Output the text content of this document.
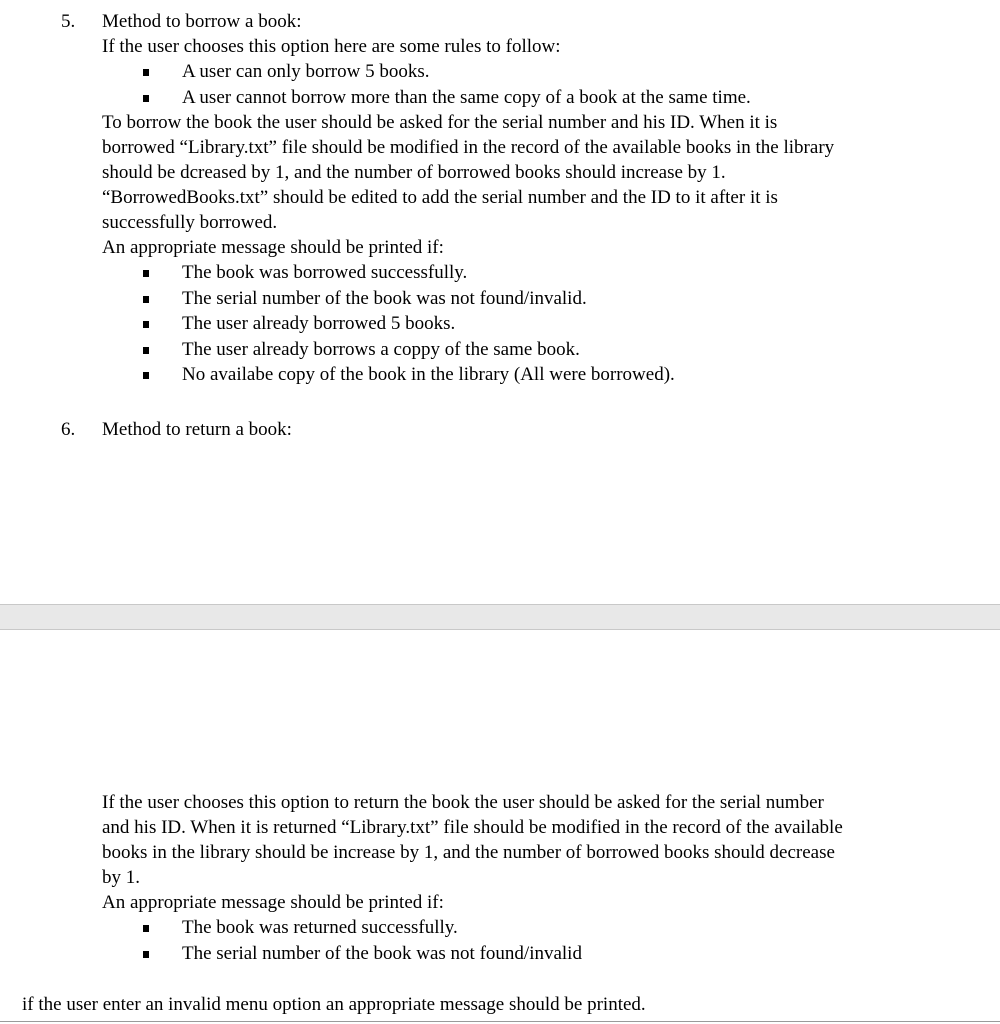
5. Method to borrow a book:

If the user chooses this option here are some rules to follow:

A user can only borrow 5 books.
A user cannot borrow more than the same copy of a book at the same time.

To borrow the book the user should be asked for the serial number and his ID. When it is

borrowed “Library.txt” file should be modified in the record of the available books in the library

should be dcreased by 1, and the number of borrowed books should increase by 1.

“BorrowedBooks.txt” should be edited to add the serial number and the ID to it after it is

successfully borrowed.

An appropriate message should be printed if:

The book was borrowed successfully.
The serial number of the book was not found/invalid.
The user already borrowed 5 books.
The user already borrows a coppy of the same book.
No availabe copy of the book in the library (All were borrowed).
6. Method to return a book:

If the user chooses this option to return the book the user should be asked for the serial number

and his ID. When it is returned “Library.txt” file should be modified in the record of the available

books in the library should be increase by 1, and the number of borrowed books should decrease

by 1.

An appropriate message should be printed if:

The book was returned successfully.
The serial number of the book was not found/invalid
if the user enter an invalid menu option an appropriate message should be printed.
